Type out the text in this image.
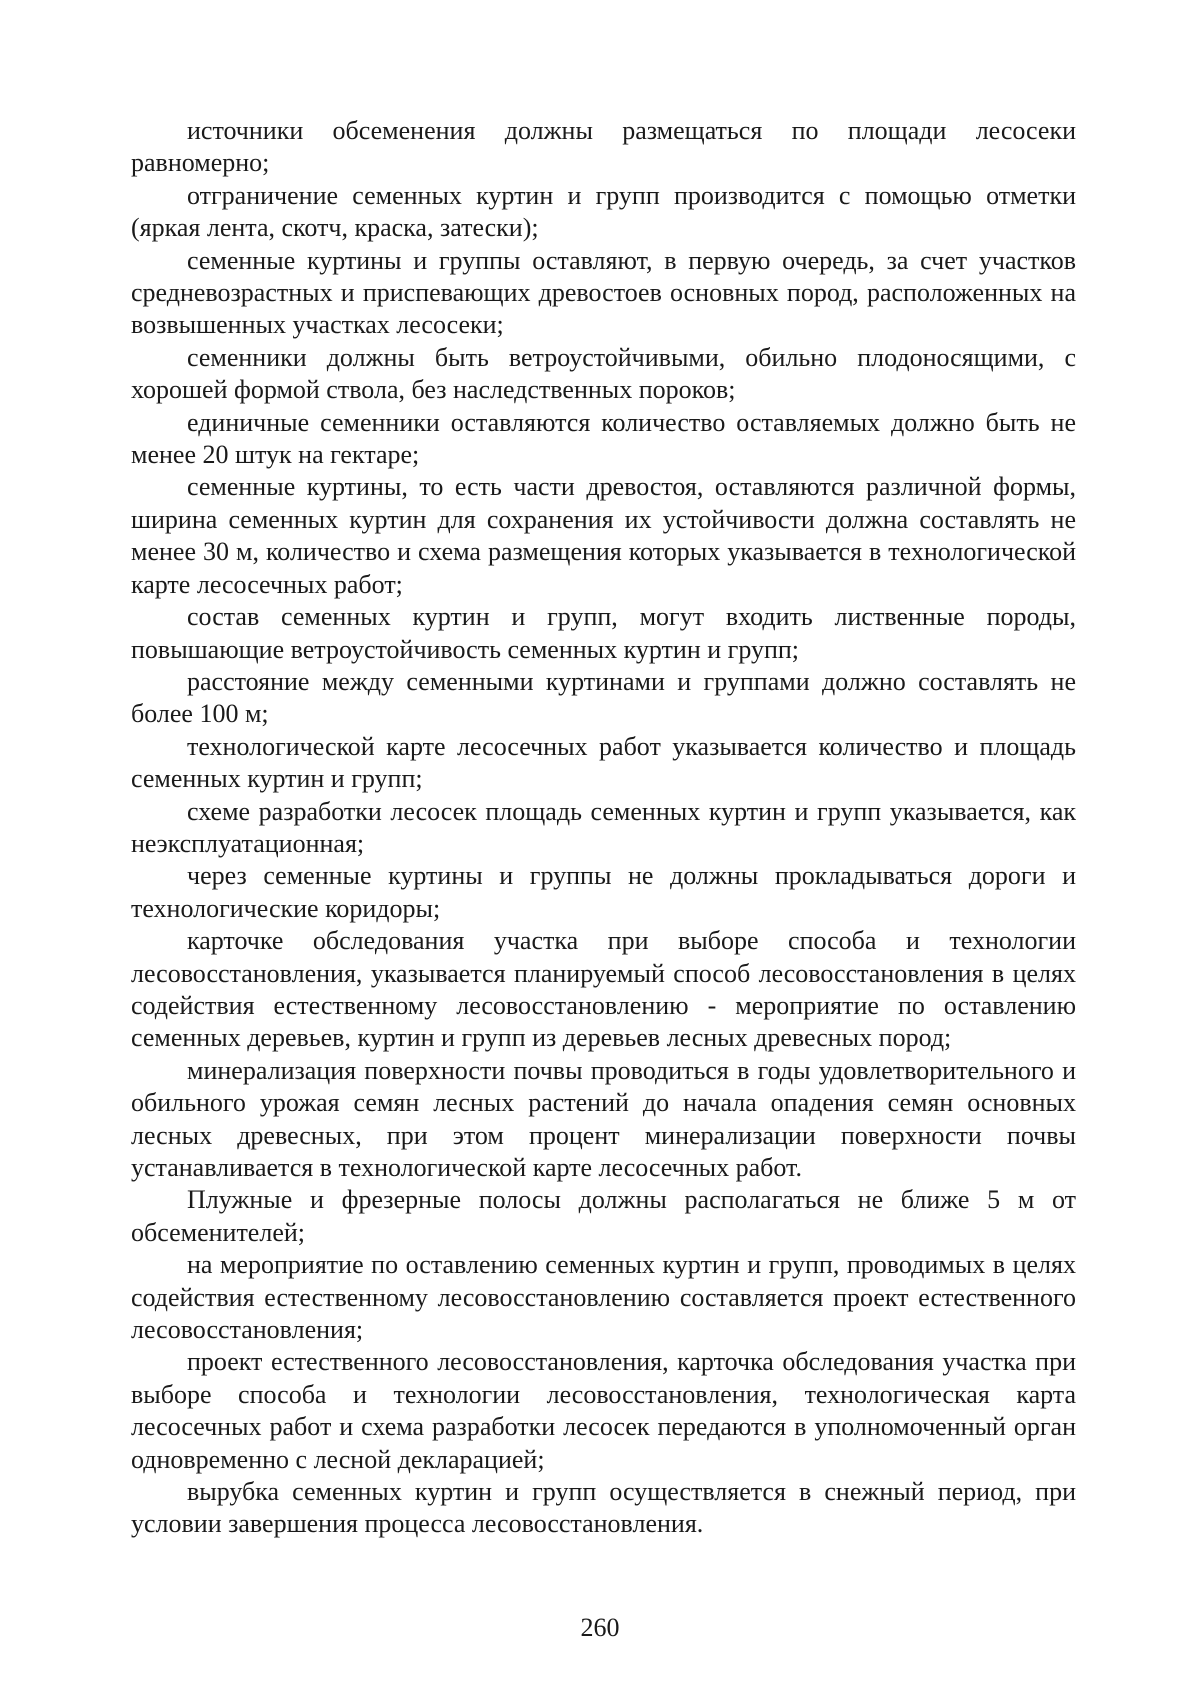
источники обсеменения должны размещаться по площади лесосеки равномерно;

отграничение семенных куртин и групп производится с помощью отметки (яркая лента, скотч, краска, затески);

семенные куртины и группы оставляют, в первую очередь, за счет участков средневозрастных и приспевающих древостоев основных пород, расположенных на возвышенных участках лесосеки;

семенники должны быть ветроустойчивыми, обильно плодоносящими, с хорошей формой ствола, без наследственных пороков;

единичные семенники оставляются количество оставляемых должно быть не менее 20 штук на гектаре;

семенные куртины, то есть части древостоя, оставляются различной формы, ширина семенных куртин для сохранения их устойчивости должна составлять не менее 30 м, количество и схема размещения которых указывается в технологической карте лесосечных работ;

состав семенных куртин и групп, могут входить лиственные породы, повышающие ветроустойчивость семенных куртин и групп;

расстояние между семенными куртинами и группами должно составлять не более 100 м;

технологической карте лесосечных работ указывается количество и площадь семенных куртин и групп;

схеме разработки лесосек площадь семенных куртин и групп указывается, как неэксплуатационная;

через семенные куртины и группы не должны прокладываться дороги и технологические коридоры;

карточке обследования участка при выборе способа и технологии лесовосстановления, указывается планируемый способ лесовосстановления в целях содействия естественному лесовосстановлению - мероприятие по оставлению семенных деревьев, куртин и групп из деревьев лесных древесных пород;

минерализация поверхности почвы проводиться в годы удовлетворительного и обильного урожая семян лесных растений до начала опадения семян основных лесных древесных, при этом процент минерализации поверхности почвы устанавливается в технологической карте лесосечных работ.

Плужные и фрезерные полосы должны располагаться не ближе 5 м от обсеменителей;

на мероприятие по оставлению семенных куртин и групп, проводимых в целях содействия естественному лесовосстановлению составляется проект естественного лесовосстановления;

проект естественного лесовосстановления, карточка обследования участка при выборе способа и технологии лесовосстановления, технологическая карта лесосечных работ и схема разработки лесосек передаются в уполномоченный орган одновременно с лесной декларацией;

вырубка семенных куртин и групп осуществляется в снежный период, при условии завершения процесса лесовосстановления.

260
